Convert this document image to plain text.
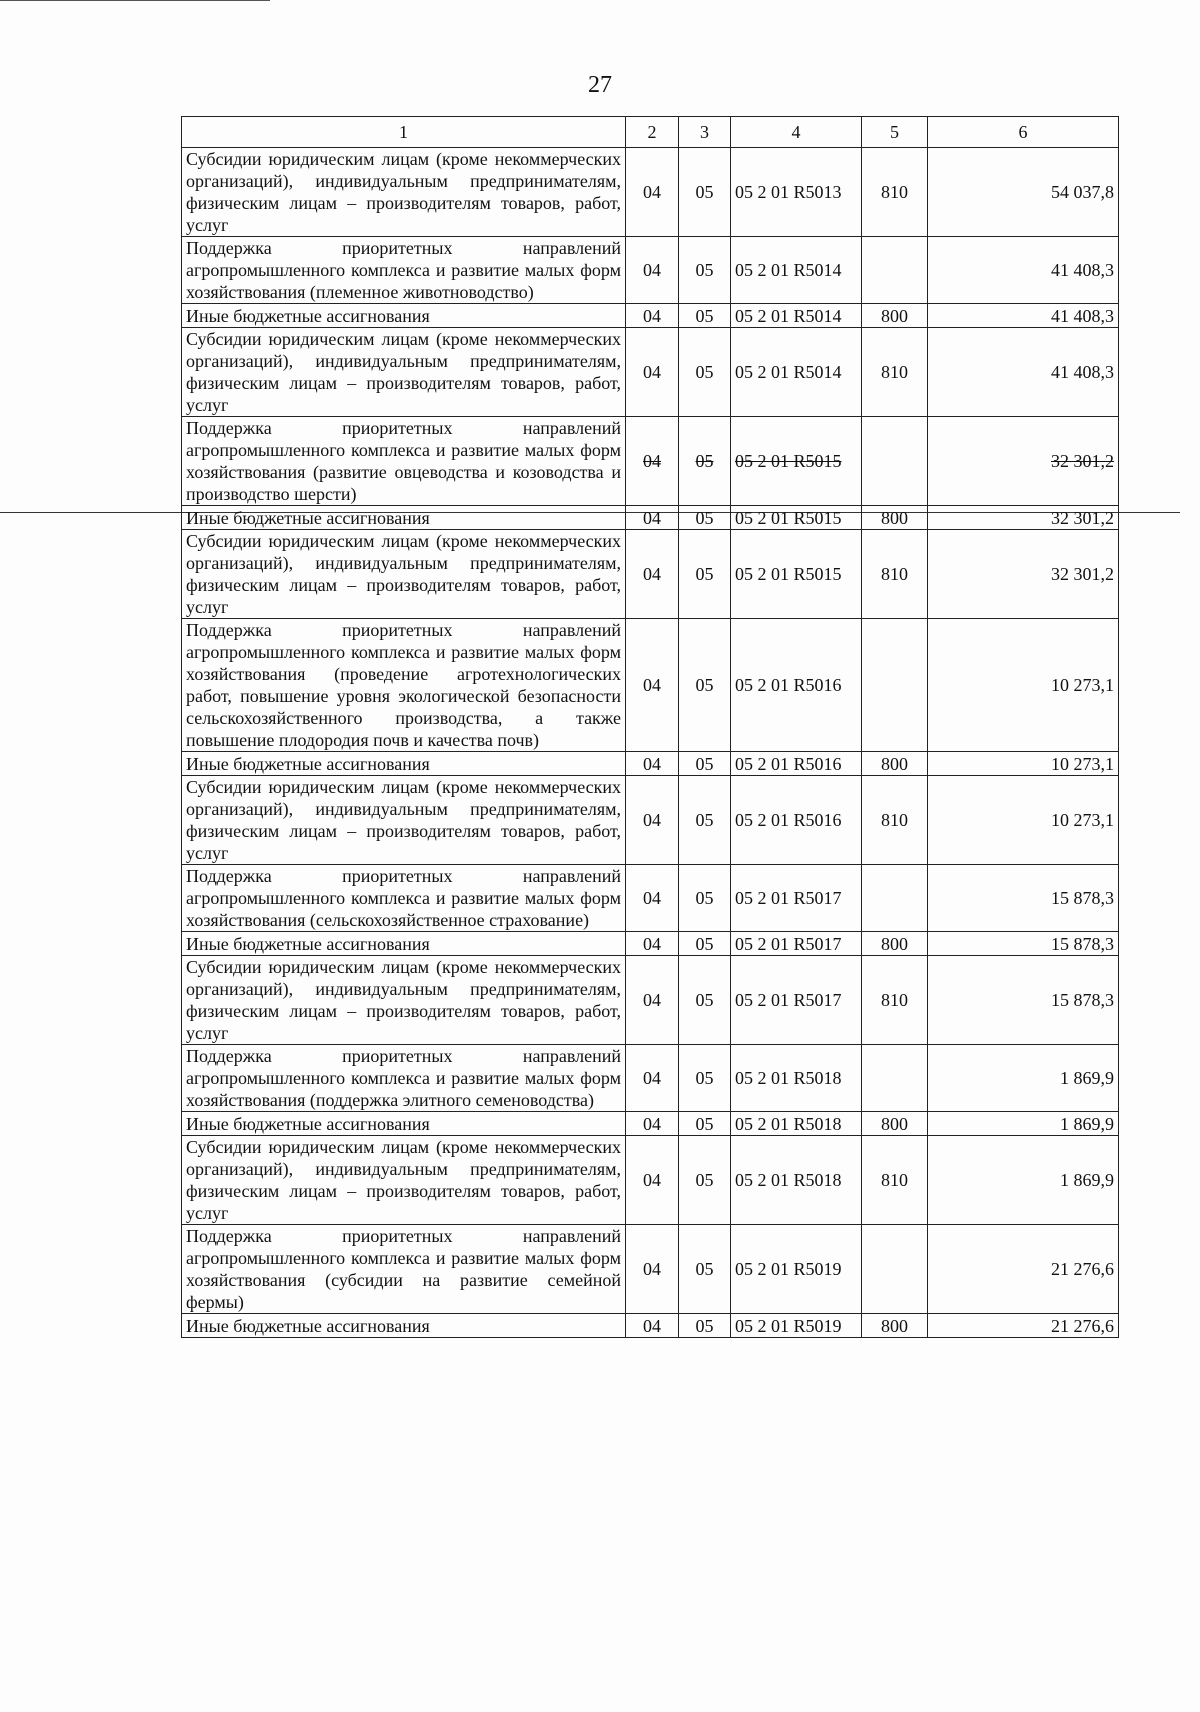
27
1	2	3	4	5	6
Субсидии юридическим лицам (кроме некоммерческих организаций), индивидуальным предпринимателям, физическим лицам – производителям товаров, работ, услуг	04	05	05 2 01 R5013	810	54 037,8
Поддержка приоритетных направлений агропромышленного комплекса и развитие малых форм хозяйствования (племенное животноводство)	04	05	05 2 01 R5014		41 408,3
Иные бюджетные ассигнования	04	05	05 2 01 R5014	800	41 408,3
Субсидии юридическим лицам (кроме некоммерческих организаций), индивидуальным предпринимателям, физическим лицам – производителям товаров, работ, услуг	04	05	05 2 01 R5014	810	41 408,3
Поддержка приоритетных направлений агропромышленного комплекса и развитие малых форм хозяйствования (развитие овцеводства и козоводства и производство шерсти)	04	05	05 2 01 R5015		32 301,2
Иные бюджетные ассигнования	04	05	05 2 01 R5015	800	32 301,2
Субсидии юридическим лицам (кроме некоммерческих организаций), индивидуальным предпринимателям, физическим лицам – производителям товаров, работ, услуг	04	05	05 2 01 R5015	810	32 301,2
Поддержка приоритетных направлений агропромышленного комплекса и развитие малых форм хозяйствования (проведение агротехнологических работ, повышение уровня экологической безопасности сельскохозяйственного производства, а также повышение плодородия почв и качества почв)	04	05	05 2 01 R5016		10 273,1
Иные бюджетные ассигнования	04	05	05 2 01 R5016	800	10 273,1
Субсидии юридическим лицам (кроме некоммерческих организаций), индивидуальным предпринимателям, физическим лицам – производителям товаров, работ, услуг	04	05	05 2 01 R5016	810	10 273,1
Поддержка приоритетных направлений агропромышленного комплекса и развитие малых форм хозяйствования (сельскохозяйственное страхование)	04	05	05 2 01 R5017		15 878,3
Иные бюджетные ассигнования	04	05	05 2 01 R5017	800	15 878,3
Субсидии юридическим лицам (кроме некоммерческих организаций), индивидуальным предпринимателям, физическим лицам – производителям товаров, работ, услуг	04	05	05 2 01 R5017	810	15 878,3
Поддержка приоритетных направлений агропромышленного комплекса и развитие малых форм хозяйствования (поддержка элитного семеноводства)	04	05	05 2 01 R5018		1 869,9
Иные бюджетные ассигнования	04	05	05 2 01 R5018	800	1 869,9
Субсидии юридическим лицам (кроме некоммерческих организаций), индивидуальным предпринимателям, физическим лицам – производителям товаров, работ, услуг	04	05	05 2 01 R5018	810	1 869,9
Поддержка приоритетных направлений агропромышленного комплекса и развитие малых форм хозяйствования (субсидии на развитие семейной фермы)	04	05	05 2 01 R5019		21 276,6
Иные бюджетные ассигнования	04	05	05 2 01 R5019	800	21 276,6
